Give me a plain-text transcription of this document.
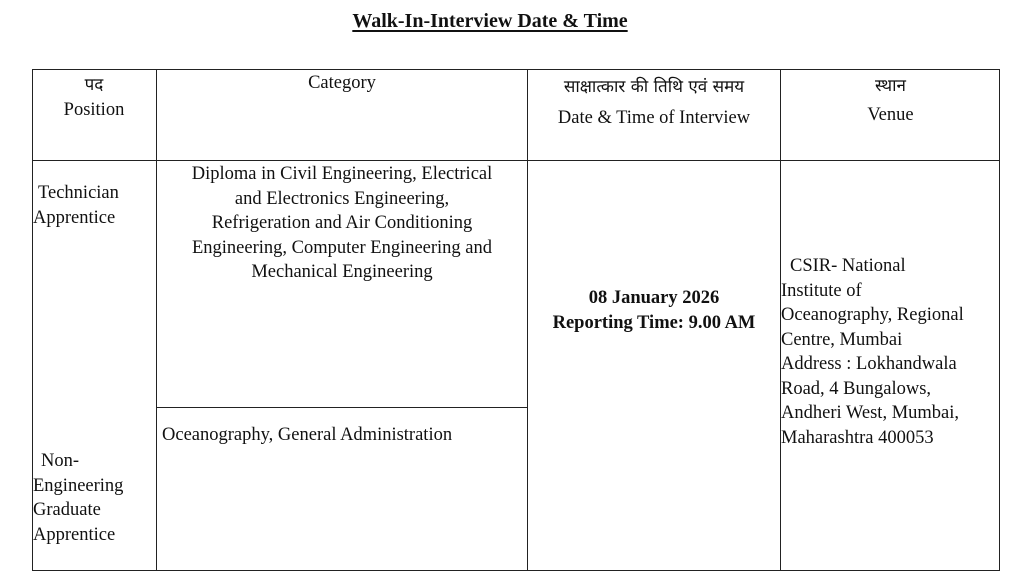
Walk-In-Interview Date & Time
पद
Position
Category	साक्षात्कार की तिथि एवं समय
Date & Time of Interview
स्थान
Venue
Technician
Apprentice
Diploma in Civil Engineering, Electrical
and Electronics Engineering,
Refrigeration and Air Conditioning
Engineering, Computer Engineering and
Mechanical Engineering
Non-
Engineering
Graduate
Apprentice
Oceanography, General Administration
08 January 2026
Reporting Time: 9.00 AM
CSIR- National
Institute of
Oceanography, Regional
Centre, Mumbai
Address : Lokhandwala
Road, 4 Bungalows,
Andheri West, Mumbai,
Maharashtra 400053
